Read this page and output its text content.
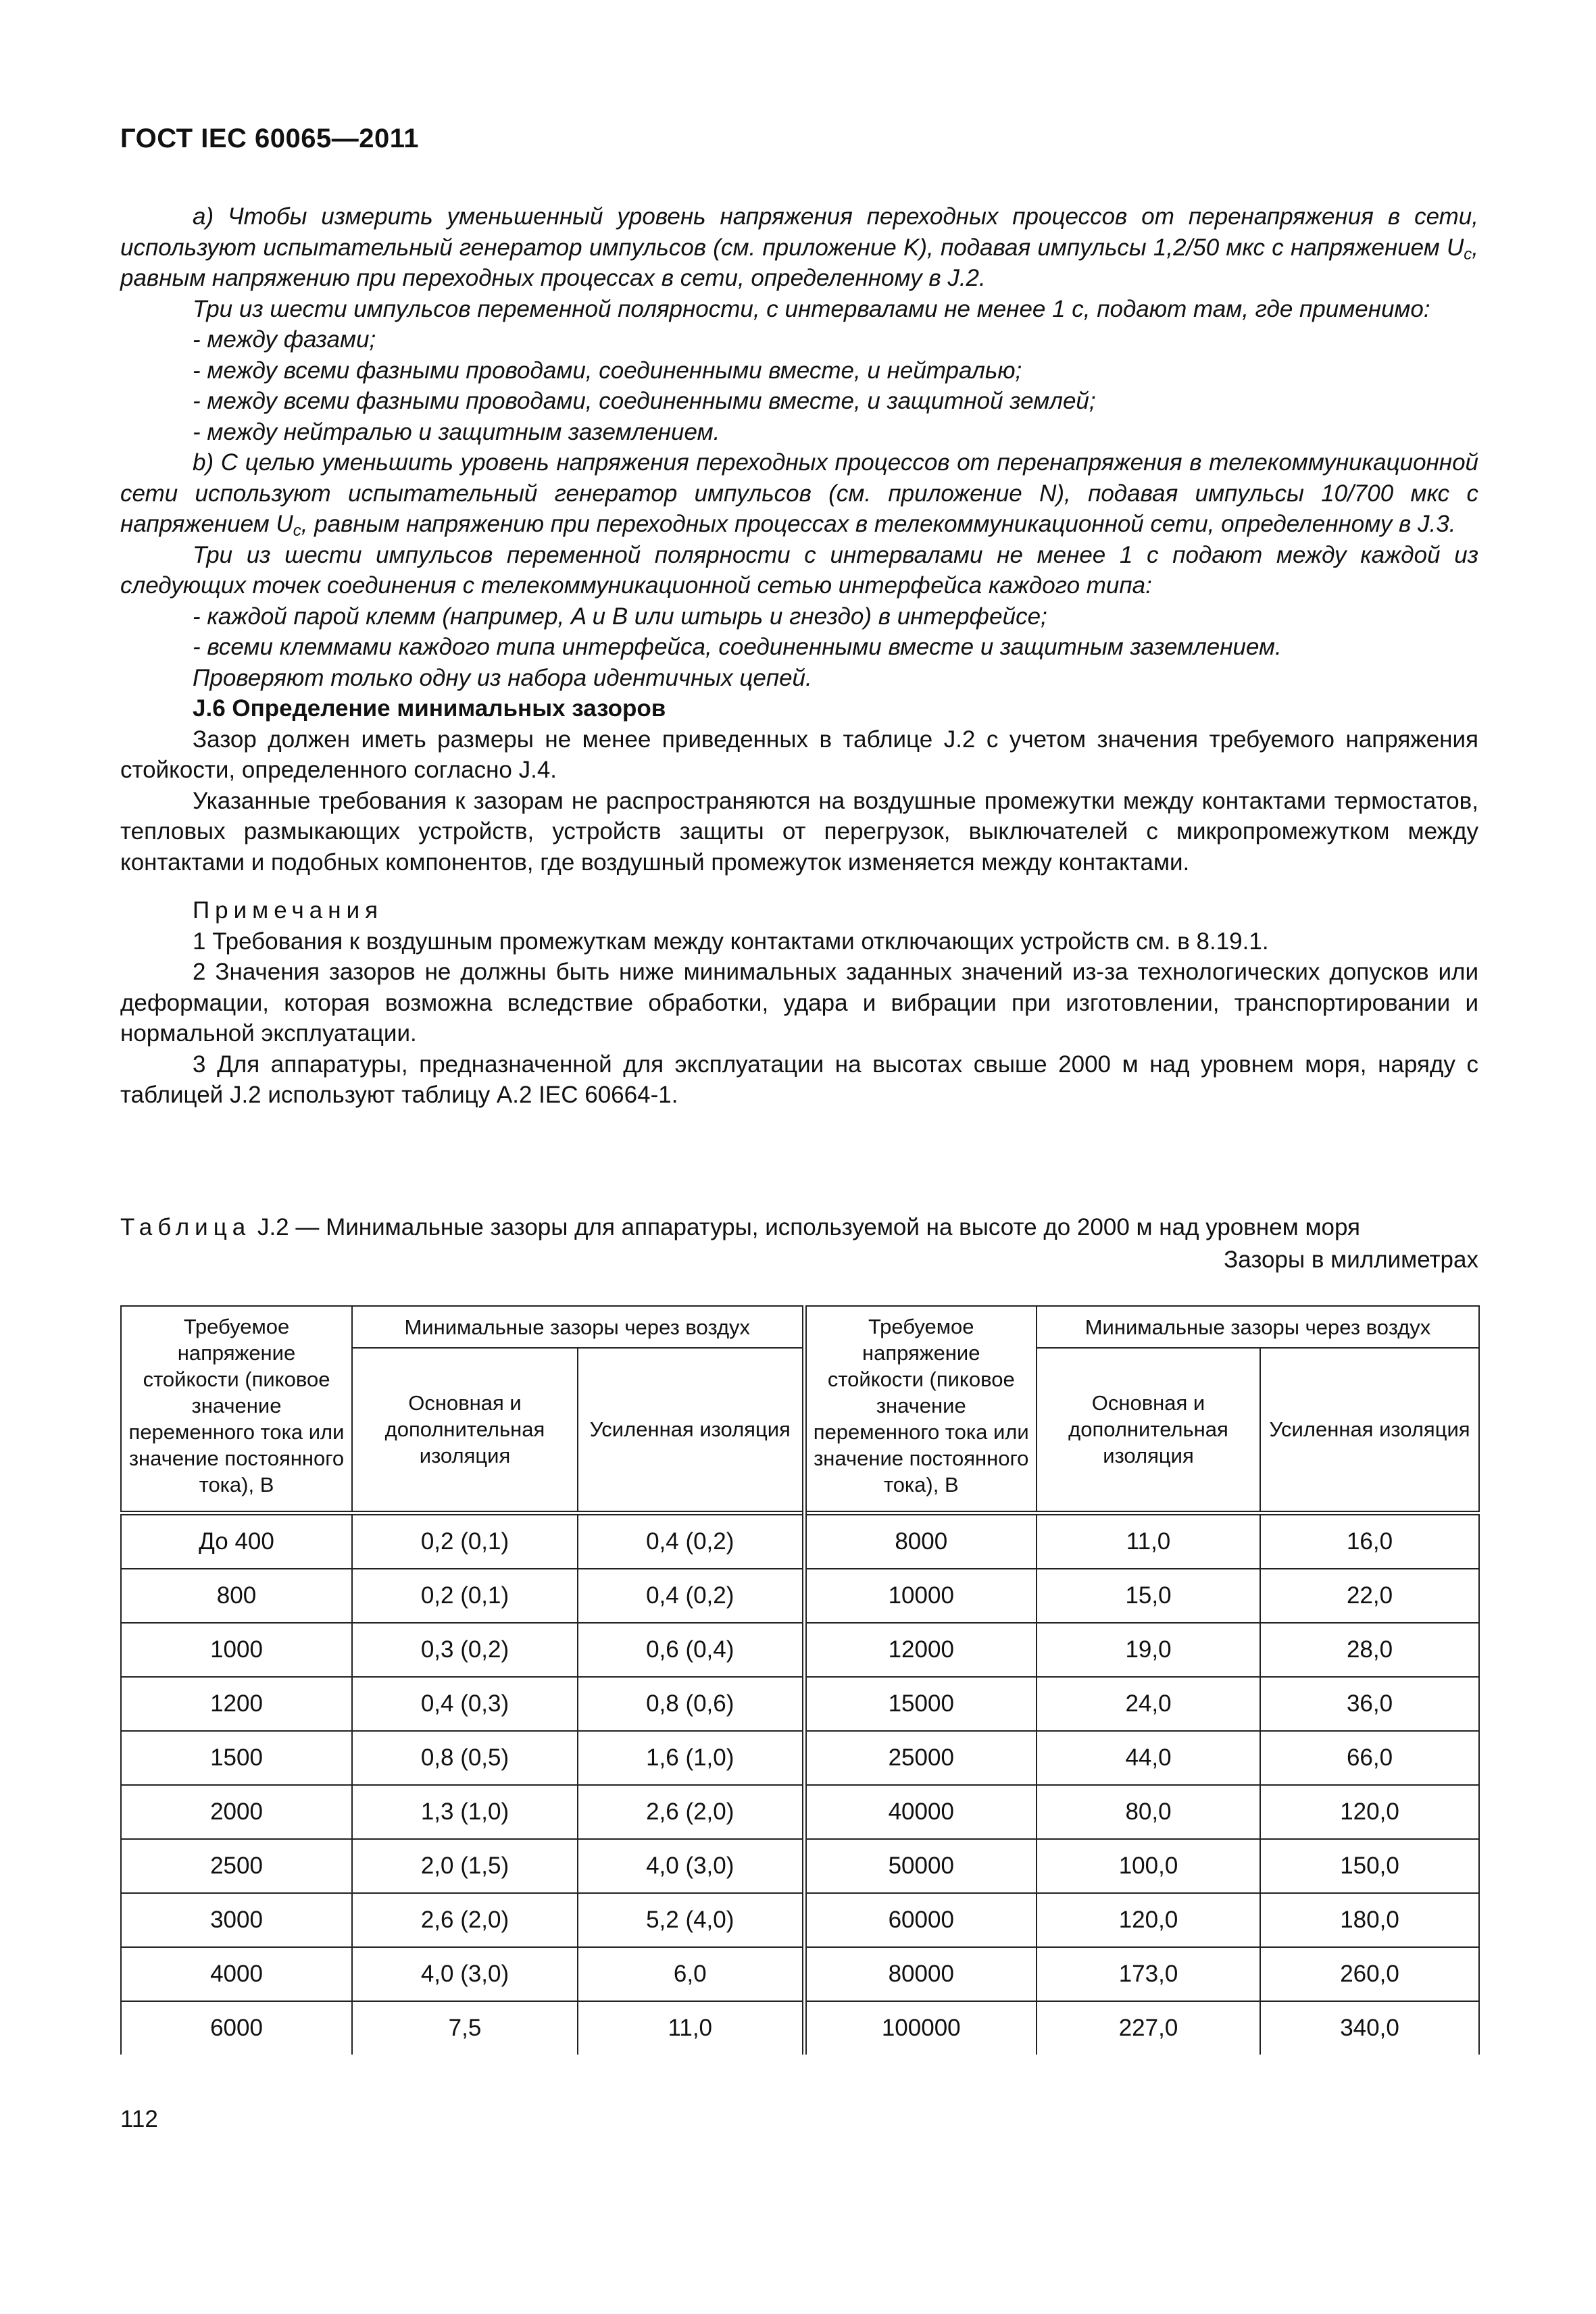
ГОСТ IEC 60065—2011

а) Чтобы измерить уменьшенный уровень напряжения переходных процессов от перенапряжения в сети, используют испытательный генератор импульсов (см. приложение K), подавая импульсы 1,2/50 мкс с напряжением $U_c$, равным напряжению при переходных процессах в сети, определенному в J.2.

Три из шести импульсов переменной полярности, с интервалами не менее 1 с, подают там, где применимо:

- между фазами;

- между всеми фазными проводами, соединенными вместе, и нейтралью;

- между всеми фазными проводами, соединенными вместе, и защитной землей;

- между нейтралью и защитным заземлением.

b) С целью уменьшить уровень напряжения переходных процессов от перенапряжения в телекоммуникационной сети используют испытательный генератор импульсов (см. приложение N), подавая импульсы 10/700 мкс с напряжением $U_c$, равным напряжению при переходных процессах в телекоммуникационной сети, определенному в J.3.

Три из шести импульсов переменной полярности с интервалами не менее 1 с подают между каждой из следующих точек соединения с телекоммуникационной сетью интерфейса каждого типа:

- каждой парой клемм (например, A и B или штырь и гнездо) в интерфейсе;

- всеми клеммами каждого типа интерфейса, соединенными вместе и защитным заземлением.

Проверяют только одну из набора идентичных цепей.

J.6 Определение минимальных зазоров

Зазор должен иметь размеры не менее приведенных в таблице J.2 с учетом значения требуемого напряжения стойкости, определенного согласно J.4.

Указанные требования к зазорам не распространяются на воздушные промежутки между контактами термостатов, тепловых размыкающих устройств, устройств защиты от перегрузок, выключателей с микропромежутком между контактами и подобных компонентов, где воздушный промежуток изменяется между контактами.

Примечания

1 Требования к воздушным промежуткам между контактами отключающих устройств см. в 8.19.1.

2 Значения зазоров не должны быть ниже минимальных заданных значений из-за технологических допусков или деформации, которая возможна вследствие обработки, удара и вибрации при изготовлении, транспортировании и нормальной эксплуатации.

3 Для аппаратуры, предназначенной для эксплуатации на высотах свыше 2000 м над уровнем моря, наряду с таблицей J.2 используют таблицу А.2 IEC 60664-1.

Таблица J.2 — Минимальные зазоры для аппаратуры, используемой на высоте до 2000 м над уровнем моря
Зазоры в миллиметрах
Требуемое напряжение стойкости (пиковое значение переменного тока или значение постоянного тока), В	Минимальные зазоры через воздух		Требуемое напряжение стойкости (пиковое значение переменного тока или значение постоянного тока), В	Минимальные зазоры через воздух	
	Основная и дополнительная изоляция	Усиленная изоляция		Основная и дополнительная изоляция	Усиленная изоляция
До 400	0,2 (0,1)	0,4 (0,2)	8000	11,0	16,0
800	0,2 (0,1)	0,4 (0,2)	10000	15,0	22,0
1000	0,3 (0,2)	0,6 (0,4)	12000	19,0	28,0
1200	0,4 (0,3)	0,8 (0,6)	15000	24,0	36,0
1500	0,8 (0,5)	1,6 (1,0)	25000	44,0	66,0
2000	1,3 (1,0)	2,6 (2,0)	40000	80,0	120,0
2500	2,0 (1,5)	4,0 (3,0)	50000	100,0	150,0
3000	2,6 (2,0)	5,2 (4,0)	60000	120,0	180,0
4000	4,0 (3,0)	6,0	80000	173,0	260,0
6000	7,5	11,0	100000	227,0	340,0
112
